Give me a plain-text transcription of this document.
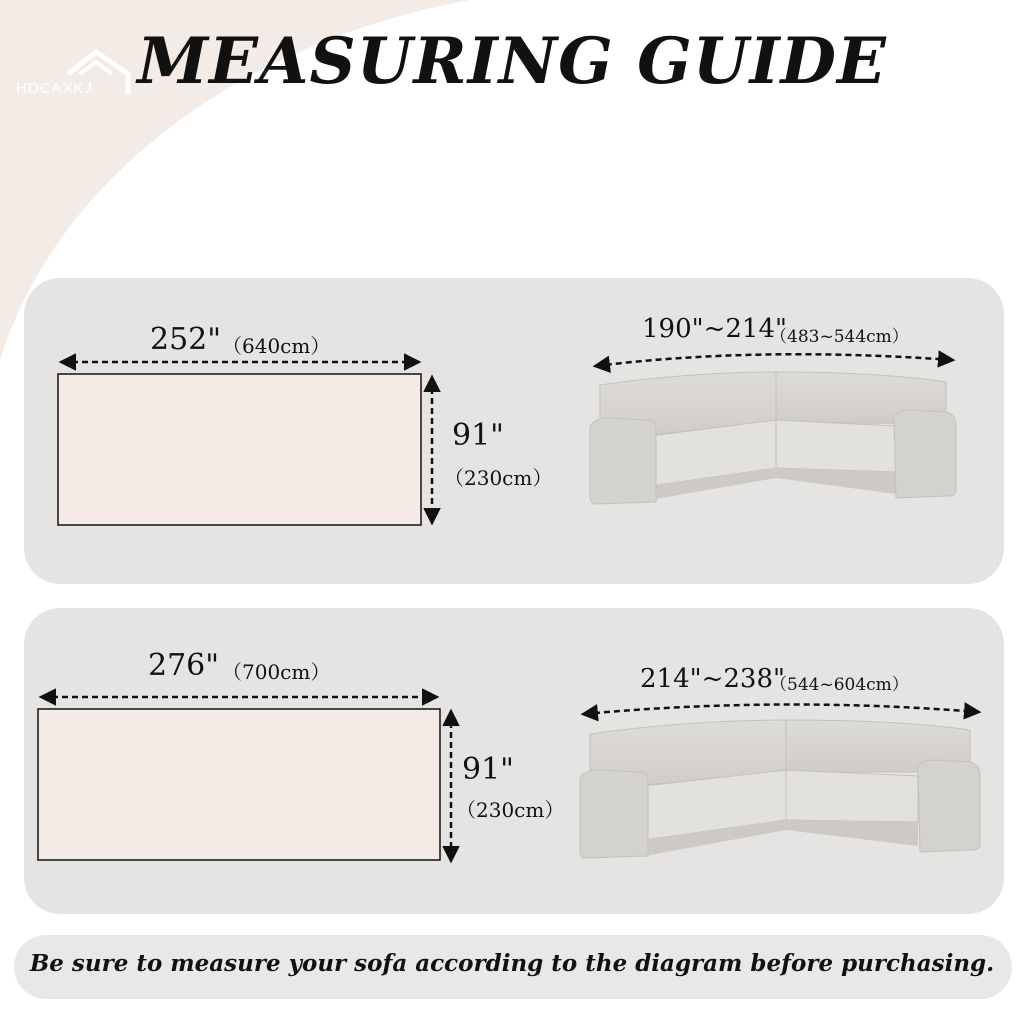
HDCAXKJ MEASURING GUIDE
252" （640cm）
91"
（230cm）
190"~214"
（483~544cm）
276" （700cm）
91"
（230cm）
214"~238"
（544~604cm）

Be sure to measure your sofa according to the diagram before purchasing.
